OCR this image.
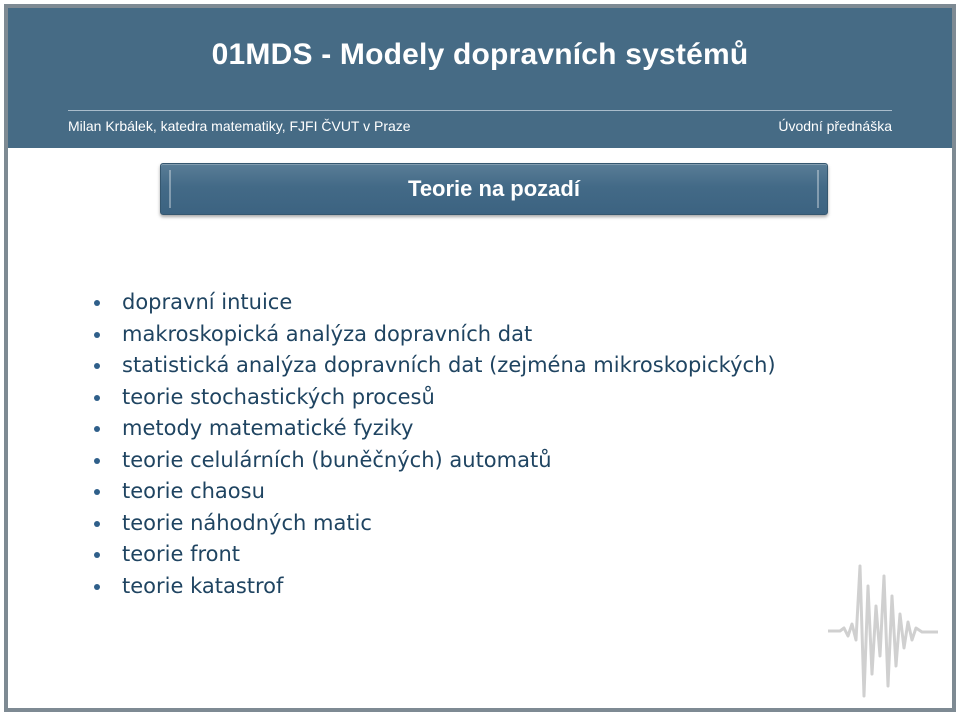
01MDS - Modely dopravních systémů
Milan Krbálek, katedra matematiky, FJFI ČVUT v Praze	Úvodní přednáška
Teorie na pozadí
dopravní intuice
makroskopická analýza dopravních dat
statistická analýza dopravních dat (zejména mikroskopických)
teorie stochastických procesů
metody matematické fyziky
teorie celulárních (buněčných) automatů
teorie chaosu
teorie náhodných matic
teorie front
teorie katastrof
